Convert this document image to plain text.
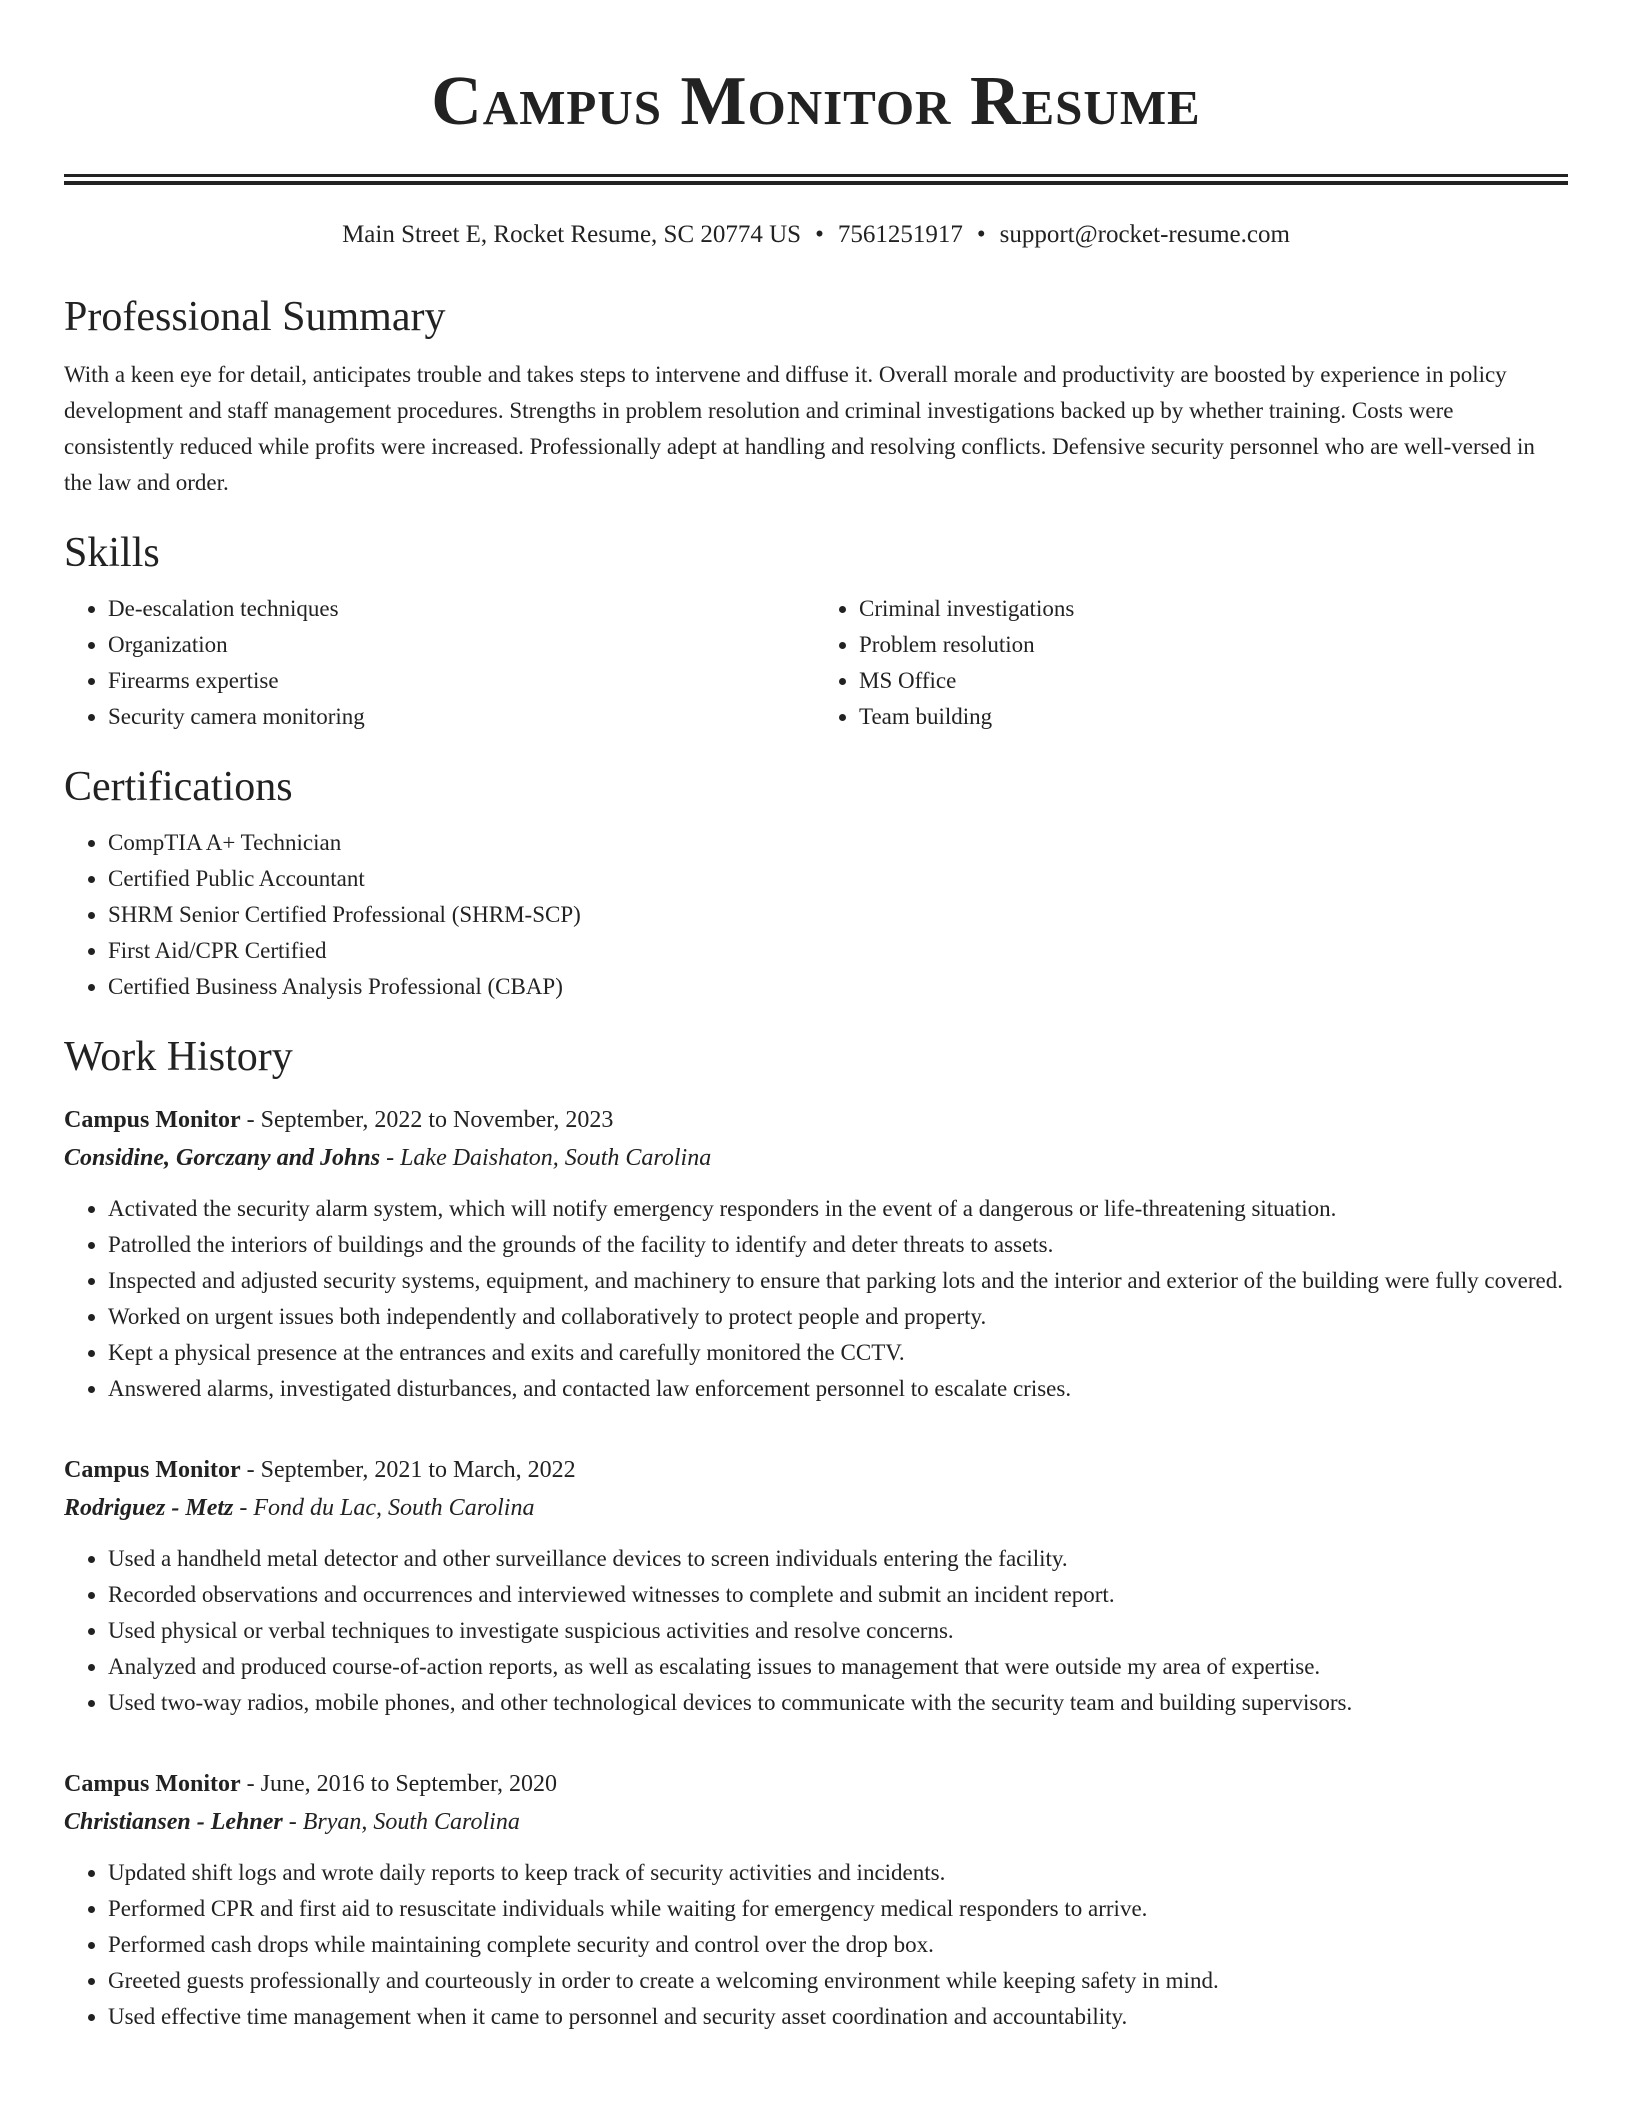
Campus Monitor Resume
Main Street E, Rocket Resume, SC 20774 US • 7561251917 • support@rocket-resume.com
Professional Summary

With a keen eye for detail, anticipates trouble and takes steps to intervene and diffuse it. Overall morale and productivity are boosted by experience in policy development and staff management procedures. Strengths in problem resolution and criminal investigations backed up by whether training. Costs were consistently reduced while profits were increased. Professionally adept at handling and resolving conflicts. Defensive security personnel who are well-versed in the law and order.

Skills
• De-escalation techniques
• Organization
• Firearms expertise
• Security camera monitoring
• Criminal investigations
• Problem resolution
• MS Office
• Team building
Certifications
• CompTIA A+ Technician
• Certified Public Accountant
• SHRM Senior Certified Professional (SHRM-SCP)
• First Aid/CPR Certified
• Certified Business Analysis Professional (CBAP)
Work History
Campus Monitor - September, 2022 to November, 2023
Considine, Gorczany and Johns - Lake Daishaton, South Carolina
• Activated the security alarm system, which will notify emergency responders in the event of a dangerous or life-threatening situation.
• Patrolled the interiors of buildings and the grounds of the facility to identify and deter threats to assets.
• Inspected and adjusted security systems, equipment, and machinery to ensure that parking lots and the interior and exterior of the building were fully covered.
• Worked on urgent issues both independently and collaboratively to protect people and property.
• Kept a physical presence at the entrances and exits and carefully monitored the CCTV.
• Answered alarms, investigated disturbances, and contacted law enforcement personnel to escalate crises.
Campus Monitor - September, 2021 to March, 2022
Rodriguez - Metz - Fond du Lac, South Carolina
• Used a handheld metal detector and other surveillance devices to screen individuals entering the facility.
• Recorded observations and occurrences and interviewed witnesses to complete and submit an incident report.
• Used physical or verbal techniques to investigate suspicious activities and resolve concerns.
• Analyzed and produced course-of-action reports, as well as escalating issues to management that were outside my area of expertise.
• Used two-way radios, mobile phones, and other technological devices to communicate with the security team and building supervisors.
Campus Monitor - June, 2016 to September, 2020
Christiansen - Lehner - Bryan, South Carolina
• Updated shift logs and wrote daily reports to keep track of security activities and incidents.
• Performed CPR and first aid to resuscitate individuals while waiting for emergency medical responders to arrive.
• Performed cash drops while maintaining complete security and control over the drop box.
• Greeted guests professionally and courteously in order to create a welcoming environment while keeping safety in mind.
• Used effective time management when it came to personnel and security asset coordination and accountability.
